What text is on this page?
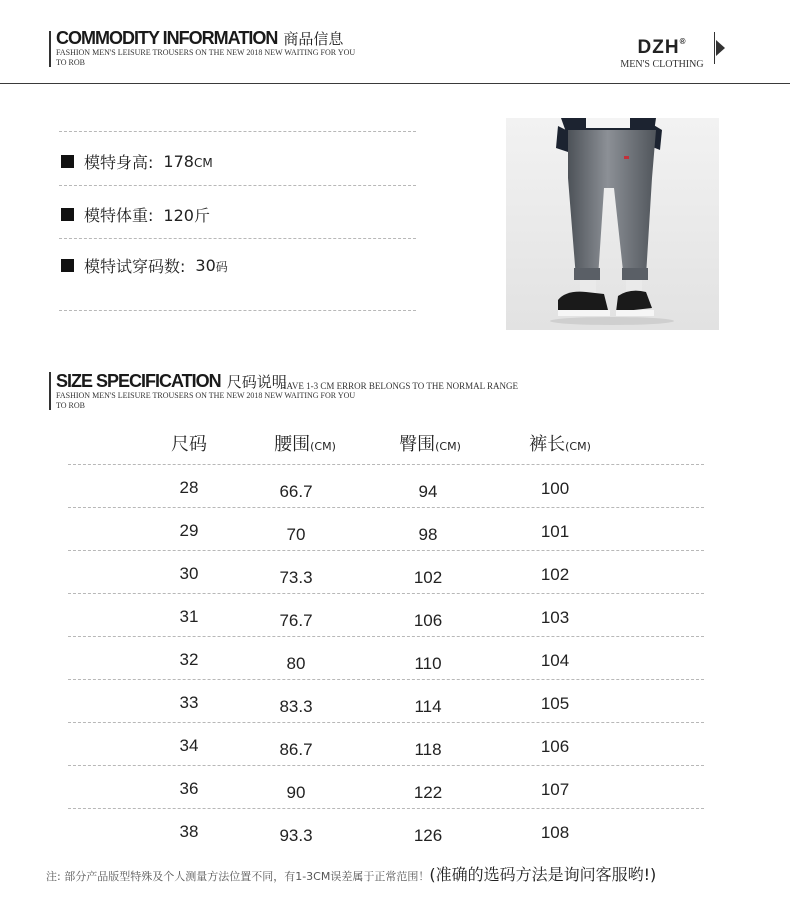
COMMODITY INFORMATION 商品信息
FASHION MEN'S LEISURE TROUSERS ON THE NEW 2018 NEW WAITING FOR YOU TO ROB
DZH®
MEN'S CLOTHING
模特身高: 178CM
模特体重: 120斤
模特试穿码数: 30码
SIZE SPECIFICATION 尺码说明
HAVE 1-3 CM ERROR BELONGS TO THE NORMAL RANGE
FASHION MEN'S LEISURE TROUSERS ON THE NEW 2018 NEW WAITING FOR YOU TO ROB
尺码	腰围(CM)	臀围(CM)	裤长(CM)
28	66.7	94	100
29	70	98	101
30	73.3	102	102
31	76.7	106	103
32	80	110	104
33	83.3	114	105
34	86.7	118	106
36	90	122	107
38	93.3	126	108
注: 部分产品版型特殊及个人测量方法位置不同，有1-3CM误差属于正常范围！ (准确的选码方法是询问客服哟!)
